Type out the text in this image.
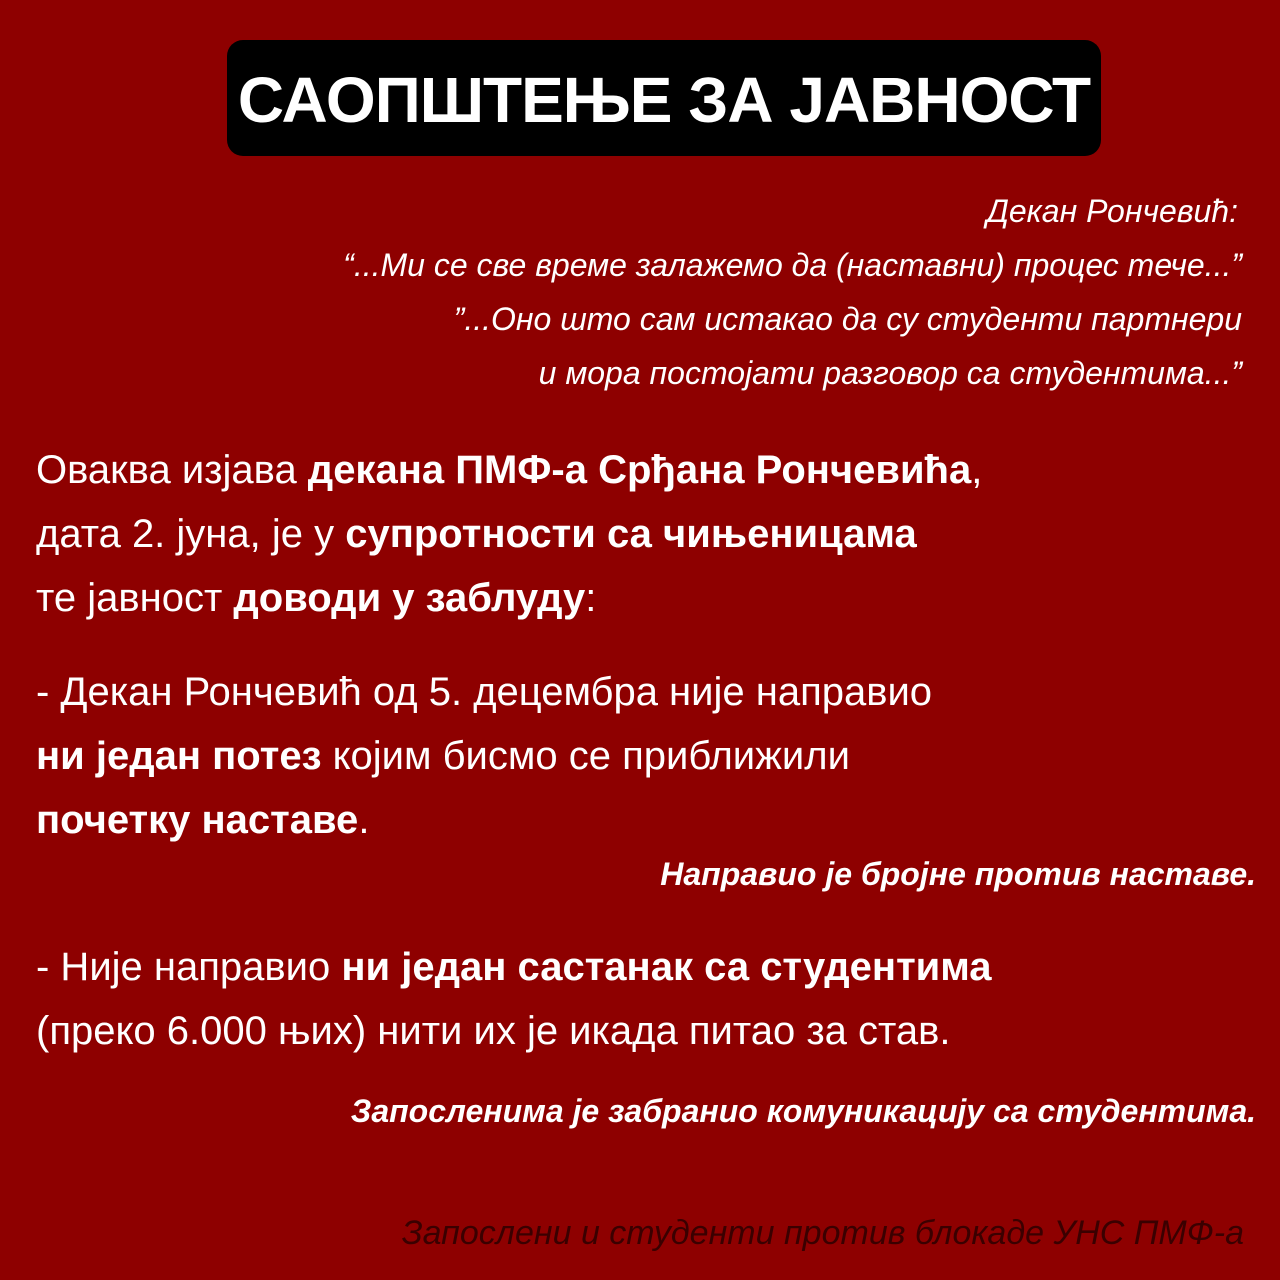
САОПШТЕЊЕ ЗА ЈАВНОСТ
Декан Рончевић:
“...Ми се све време залажемо да (наставни) процес тече...”
”...Оно што сам истакао да су студенти партнери
и мора постојати разговор са студентима...”
Оваква изјава декана ПМФ-а Срђана Рончевића,
дата 2. јуна, је у супротности са чињеницама
те јавност доводи у заблуду:
- Декан Рончевић од 5. децембра није направио
ни један потез којим бисмо се приближили
почетку наставе.
Направио је бројне против наставе.
- Није направио ни један састанак са студентима
(преко 6.000 њих) нити их је икада питао за став.
Запосленима је забранио комуникацију са студентима.
Запослени и студенти против блокаде УНС ПМФ-а
